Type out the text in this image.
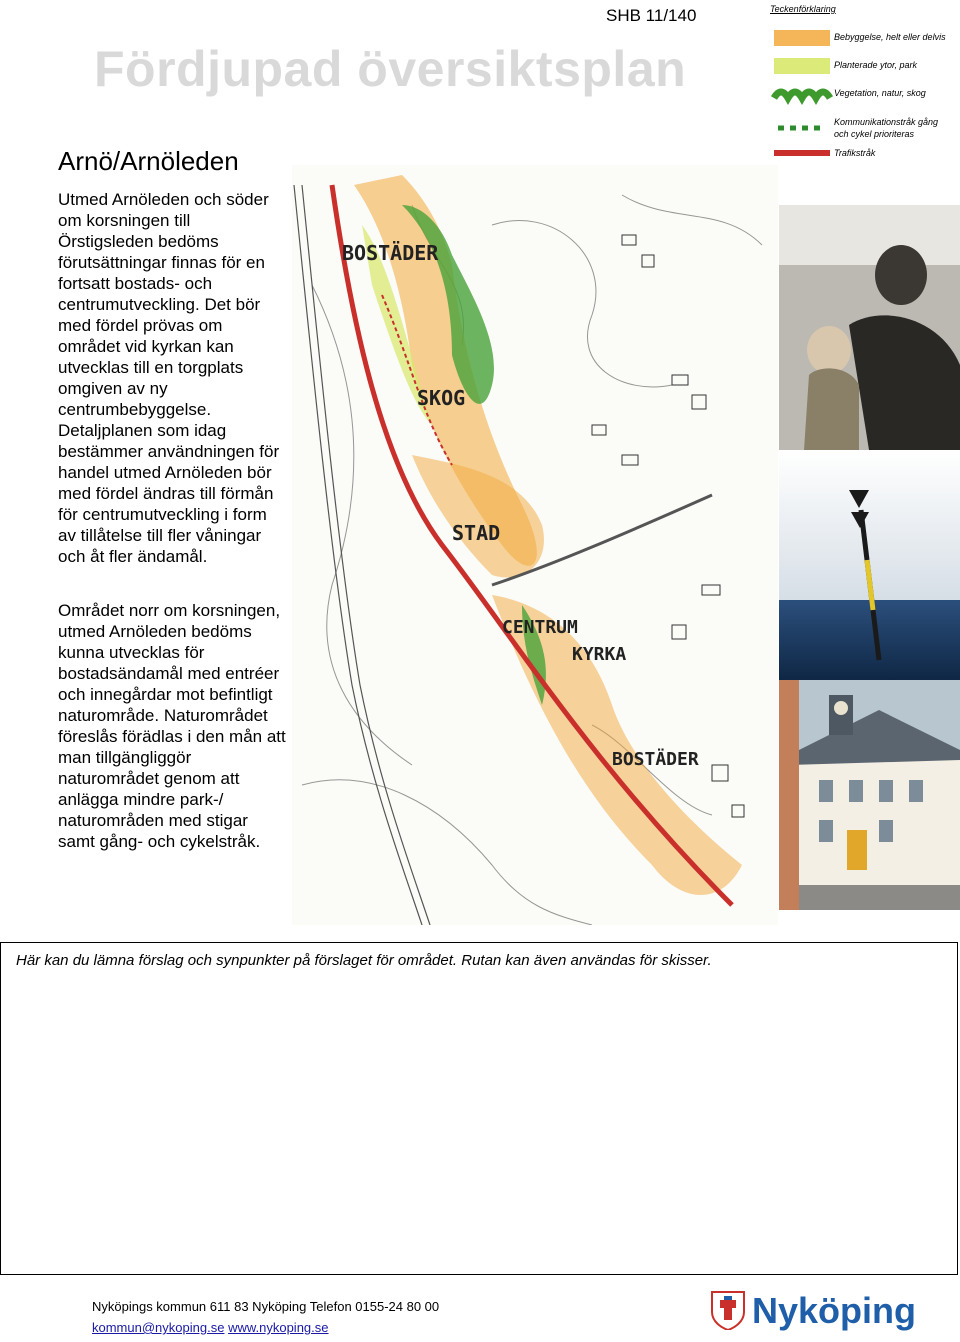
SHB 11/140
Fördjupad översiktsplan
Arnö/Arnöleden

Utmed Arnöleden och söder om korsningen till Örstigsleden bedöms förutsättningar finnas för en fortsatt bostads- och centrumutveckling. Det bör med fördel prövas om området vid kyrkan kan utvecklas till en torgplats omgiven av ny centrumbebyggelse. Detaljplanen som idag bestämmer användningen för handel utmed Arnöleden bör med fördel ändras till förmån för centrumutveckling i form av tillåtelse till fler våningar och åt fler ändamål.

Området norr om korsningen, utmed Arnöleden bedöms kunna utvecklas för bostadsändamål med entréer och innegårdar mot befintligt naturområde. Naturområdet föreslås förädlas i den mån att man tillgängliggör naturområdet genom att anlägga mindre park-/ naturområden med stigar samt gång- och cykelstråk.

Teckenförklaring
Bebyggelse, helt eller delvis
Planterade ytor, park
Vegetation, natur, skog
Kommunikationstråk gång och cykel prioriteras
Trafikstråk
BOSTÄDER
SKOG
STAD
CENTRUM
KYRKA
BOSTÄDER
Här kan du lämna förslag och synpunkter på förslaget för området. Rutan kan även användas för skisser.
Nyköpings kommun 611 83 Nyköping Telefon 0155-24 80 00
kommun@nykoping.se www.nykoping.se	Nyköping
